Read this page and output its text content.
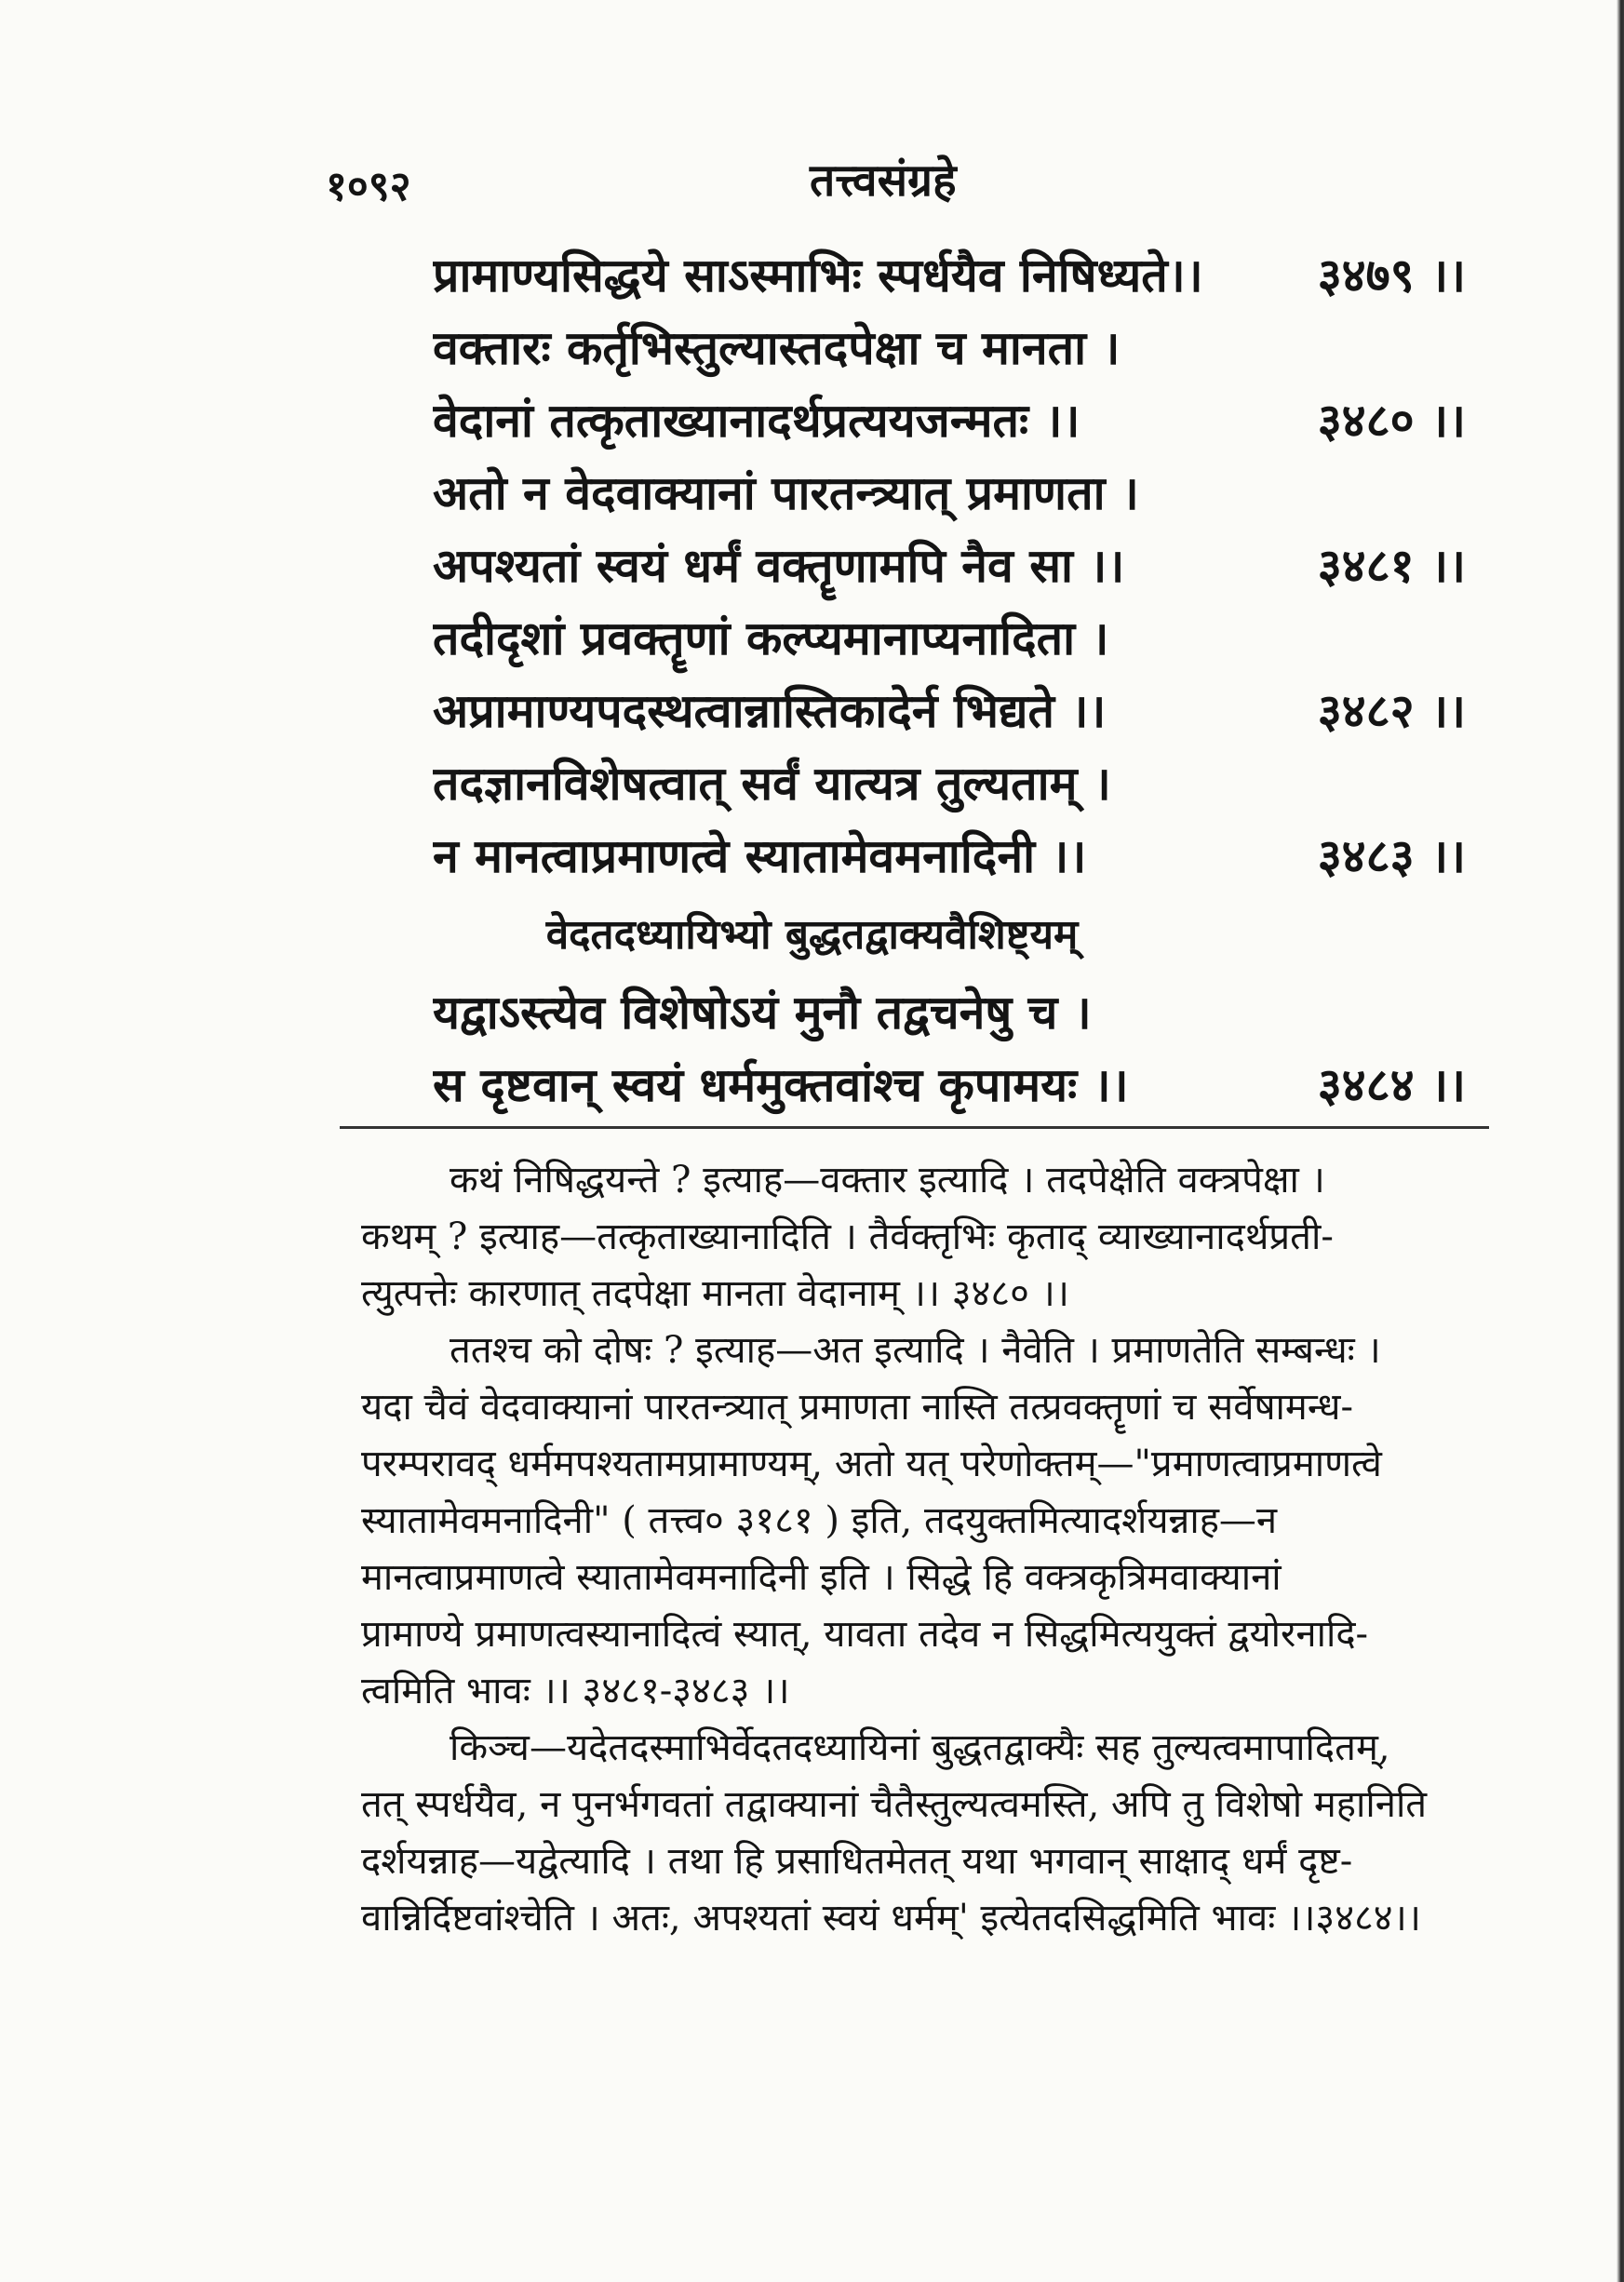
१०९२	तत्त्वसंग्रहे
प्रामाण्यसिद्धये साऽस्माभिः स्पर्धयैव निषिध्यते।। ३४७९ ।।
वक्तारः कर्तृभिस्तुल्यास्तदपेक्षा च मानता ।
वेदानां तत्कृताख्यानादर्थप्रत्ययजन्मतः ।।	३४८० ।।
अतो न वेदवाक्यानां पारतन्त्र्यात् प्रमाणता ।
अपश्यतां स्वयं धर्मं वक्तॄणामपि नैव सा ।।	३४८१ ।।
तदीदृशां प्रवक्तॄणां कल्प्यमानाप्यनादिता ।
अप्रामाण्यपदस्थत्वान्नास्तिकादेर्न भिद्यते ।।	३४८२ ।।
तदज्ञानविशेषत्वात् सर्वं यात्यत्र तुल्यताम् ।
न मानत्वाप्रमाणत्वे स्यातामेवमनादिनी ।।	३४८३ ।।
वेदतदध्यायिभ्यो बुद्धतद्वाक्यवैशिष्ट्यम्
यद्वाऽस्त्येव विशेषोऽयं मुनौ तद्वचनेषु च ।
स दृष्टवान् स्वयं धर्ममुक्तवांश्च कृपामयः ।।	३४८४ ।।
कथं निषिद्धयन्ते ? इत्याह—वक्तार इत्यादि । तदपेक्षेति वक्त्रपेक्षा ।
कथम् ? इत्याह—तत्कृताख्यानादिति । तैर्वक्तृभिः कृताद् व्याख्यानादर्थप्रती-
त्युत्पत्तेः कारणात् तदपेक्षा मानता वेदानाम् ।। ३४८० ।।
ततश्च को दोषः ? इत्याह—अत इत्यादि । नैवेति । प्रमाणतेति सम्बन्धः ।
यदा चैवं वेदवाक्यानां पारतन्त्र्यात् प्रमाणता नास्ति तत्प्रवक्तॄणां च सर्वेषामन्ध-
परम्परावद् धर्ममपश्यतामप्रामाण्यम्, अतो यत् परेणोक्तम्—"प्रमाणत्वाप्रमाणत्वे
स्यातामेवमनादिनी" ( तत्त्व० ३१८१ ) इति, तदयुक्तमित्यादर्शयन्नाह—न
मानत्वाप्रमाणत्वे स्यातामेवमनादिनी इति । सिद्धे हि वक्त्रकृत्रिमवाक्यानां
प्रामाण्ये प्रमाणत्वस्यानादित्वं स्यात्, यावता तदेव न सिद्धमित्ययुक्तं द्वयोरनादि-
त्वमिति भावः ।। ३४८१-३४८३ ।।
किञ्च—यदेतदस्माभिर्वेदतदध्यायिनां बुद्धतद्वाक्यैः सह तुल्यत्वमापादितम्,
तत् स्पर्धयैव, न पुनर्भगवतां तद्वाक्यानां चैतैस्तुल्यत्वमस्ति, अपि तु विशेषो महानिति
दर्शयन्नाह—यद्वेत्यादि । तथा हि प्रसाधितमेतत् यथा भगवान् साक्षाद् धर्मं दृष्ट-
वान्निर्दिष्टवांश्चेति । अतः, अपश्यतां स्वयं धर्मम्' इत्येतदसिद्धमिति भावः ।।३४८४।।
